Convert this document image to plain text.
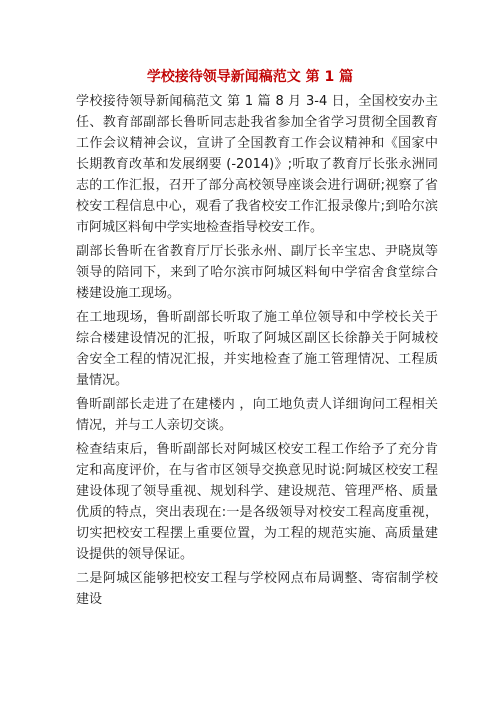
学校接待领导新闻稿范文 第 1 篇

学校接待领导新闻稿范文 第 1 篇 8 月 3-4 日，全国校安办主任、教育部副部长鲁昕同志赴我省参加全省学习贯彻全国教育工作会议精神会议，宣讲了全国教育工作会议精神和《国家中长期教育改革和发展纲要 (-2014)》;听取了教育厅长张永洲同志的工作汇报，召开了部分高校领导座谈会进行调研;视察了省校安工程信息中心，观看了我省校安工作汇报录像片;到哈尔滨市阿城区料甸中学实地检查指导校安工作。

副部长鲁昕在省教育厅厅长张永州、副厅长辛宝忠、尹晓岚等领导的陪同下，来到了哈尔滨市阿城区料甸中学宿舍食堂综合楼建设施工现场。

在工地现场，鲁昕副部长听取了施工单位领导和中学校长关于综合楼建设情况的汇报，听取了阿城区副区长徐静关于阿城校舍安全工程的情况汇报，并实地检查了施工管理情况、工程质量情况。

鲁昕副部长走进了在建楼内 ，向工地负责人详细询问工程相关情况，并与工人亲切交谈。

检查结束后，鲁昕副部长对阿城区校安工程工作给予了充分肯定和高度评价，在与省市区领导交换意见时说:阿城区校安工程建设体现了领导重视、规划科学、建设规范、管理严格、质量优质的特点，突出表现在:一是各级领导对校安工程高度重视，切实把校安工程摆上重要位置，为工程的规范实施、高质量建设提供的领导保证。

二是阿城区能够把校安工程与学校网点布局调整、寄宿制学校建设
